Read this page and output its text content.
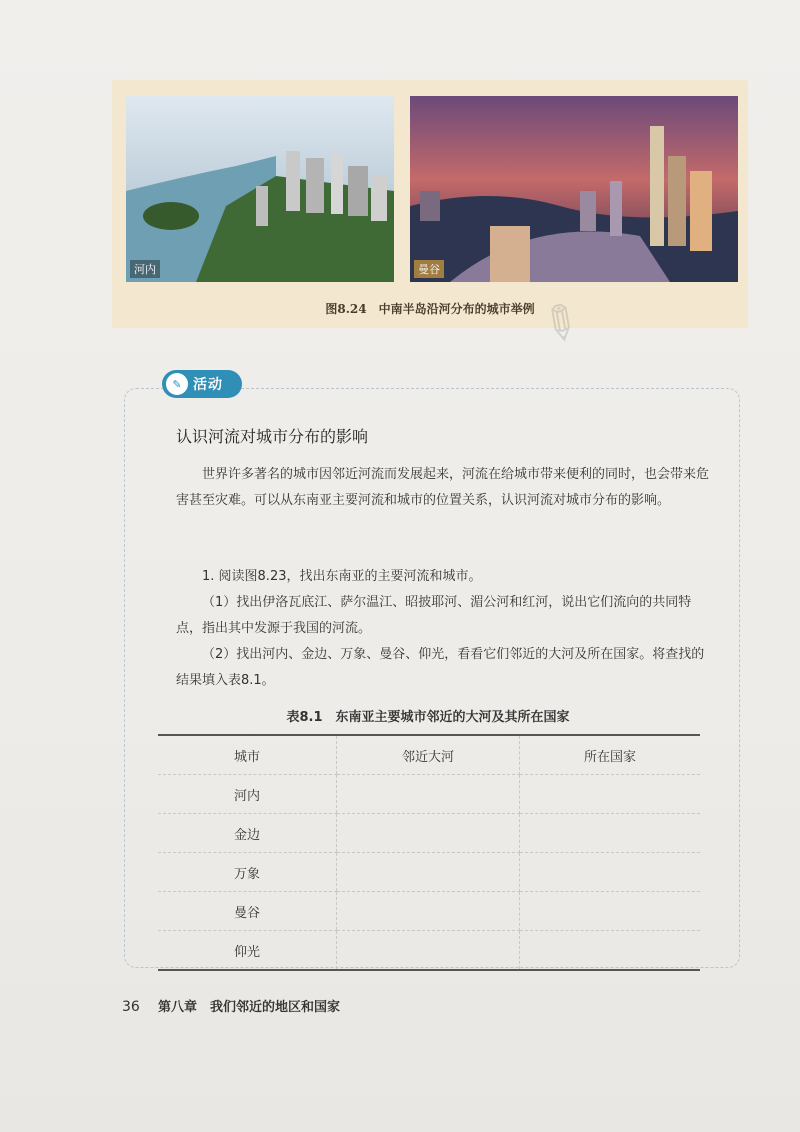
河内	曼谷
图8.24　中南半岛沿河分布的城市举例
✎
✎ 活动
认识河流对城市分布的影响
世界许多著名的城市因邻近河流而发展起来，河流在给城市带来便利的同时，也会带来危害甚至灾难。可以从东南亚主要河流和城市的位置关系，认识河流对城市分布的影响。
1. 阅读图8.23，找出东南亚的主要河流和城市。
（1）找出伊洛瓦底江、萨尔温江、昭披耶河、湄公河和红河，说出它们流向的共同特点，指出其中发源于我国的河流。
（2）找出河内、金边、万象、曼谷、仰光，看看它们邻近的大河及所在国家。将查找的结果填入表8.1。
表8.1　东南亚主要城市邻近的大河及其所在国家
城市	邻近大河	所在国家
河内		
金边		
万象		
曼谷		
仰光		
36 第八章　我们邻近的地区和国家
